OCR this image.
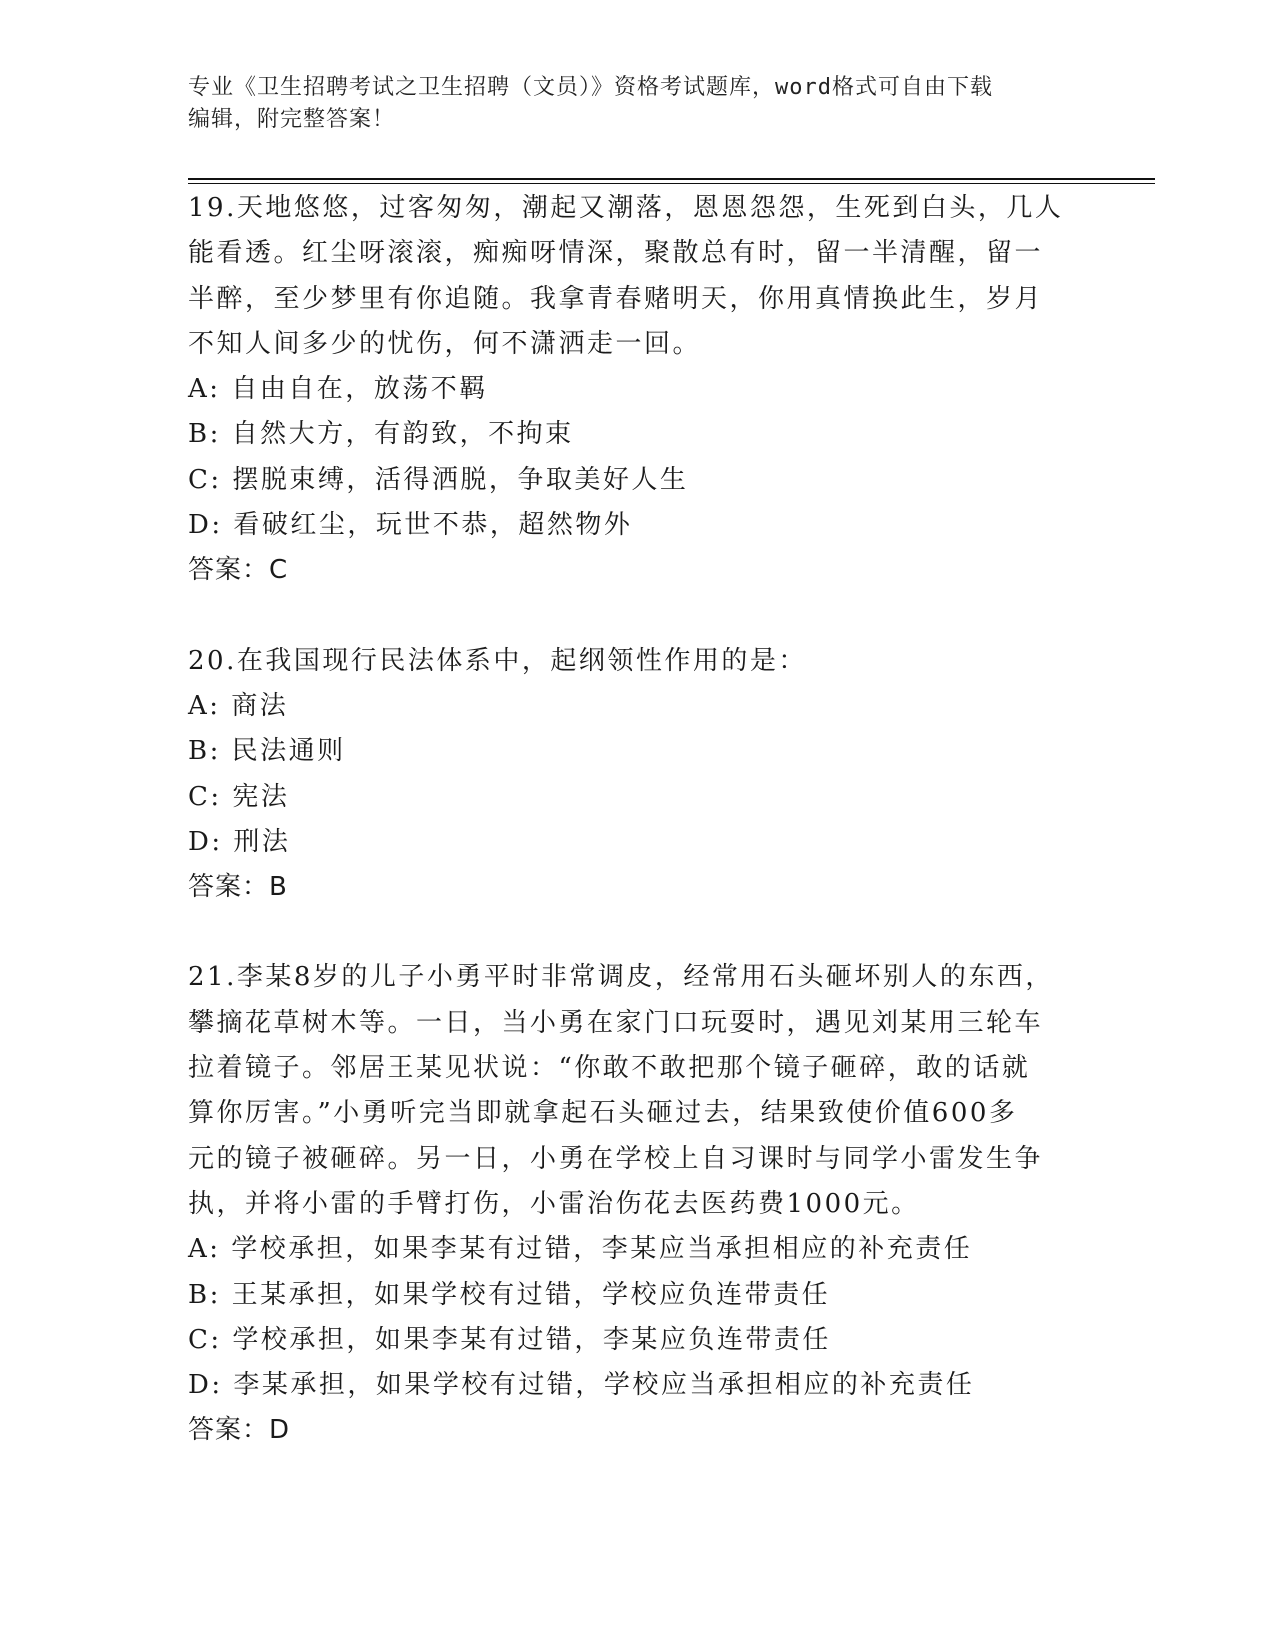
专业《卫生招聘考试之卫生招聘（文员）》资格考试题库，word格式可自由下载
编辑，附完整答案！
19.天地悠悠，过客匆匆，潮起又潮落，恩恩怨怨，生死到白头，几人
能看透。红尘呀滚滚，痴痴呀情深，聚散总有时，留一半清醒，留一
半醉，至少梦里有你追随。我拿青春赌明天，你用真情换此生，岁月
不知人间多少的忧伤，何不潇洒走一回。
A: 自由自在，放荡不羁
B: 自然大方，有韵致，不拘束
C: 摆脱束缚，活得洒脱，争取美好人生
D: 看破红尘，玩世不恭，超然物外
答案：C
20.在我国现行民法体系中，起纲领性作用的是：
A: 商法
B: 民法通则
C: 宪法
D: 刑法
答案：B
21.李某8岁的儿子小勇平时非常调皮，经常用石头砸坏别人的东西，
攀摘花草树木等。一日，当小勇在家门口玩耍时，遇见刘某用三轮车
拉着镜子。邻居王某见状说：“你敢不敢把那个镜子砸碎，敢的话就
算你厉害。”小勇听完当即就拿起石头砸过去，结果致使价值600多
元的镜子被砸碎。另一日，小勇在学校上自习课时与同学小雷发生争
执，并将小雷的手臂打伤，小雷治伤花去医药费1000元。
A: 学校承担，如果李某有过错，李某应当承担相应的补充责任
B: 王某承担，如果学校有过错，学校应负连带责任
C: 学校承担，如果李某有过错，李某应负连带责任
D: 李某承担，如果学校有过错，学校应当承担相应的补充责任
答案：D
